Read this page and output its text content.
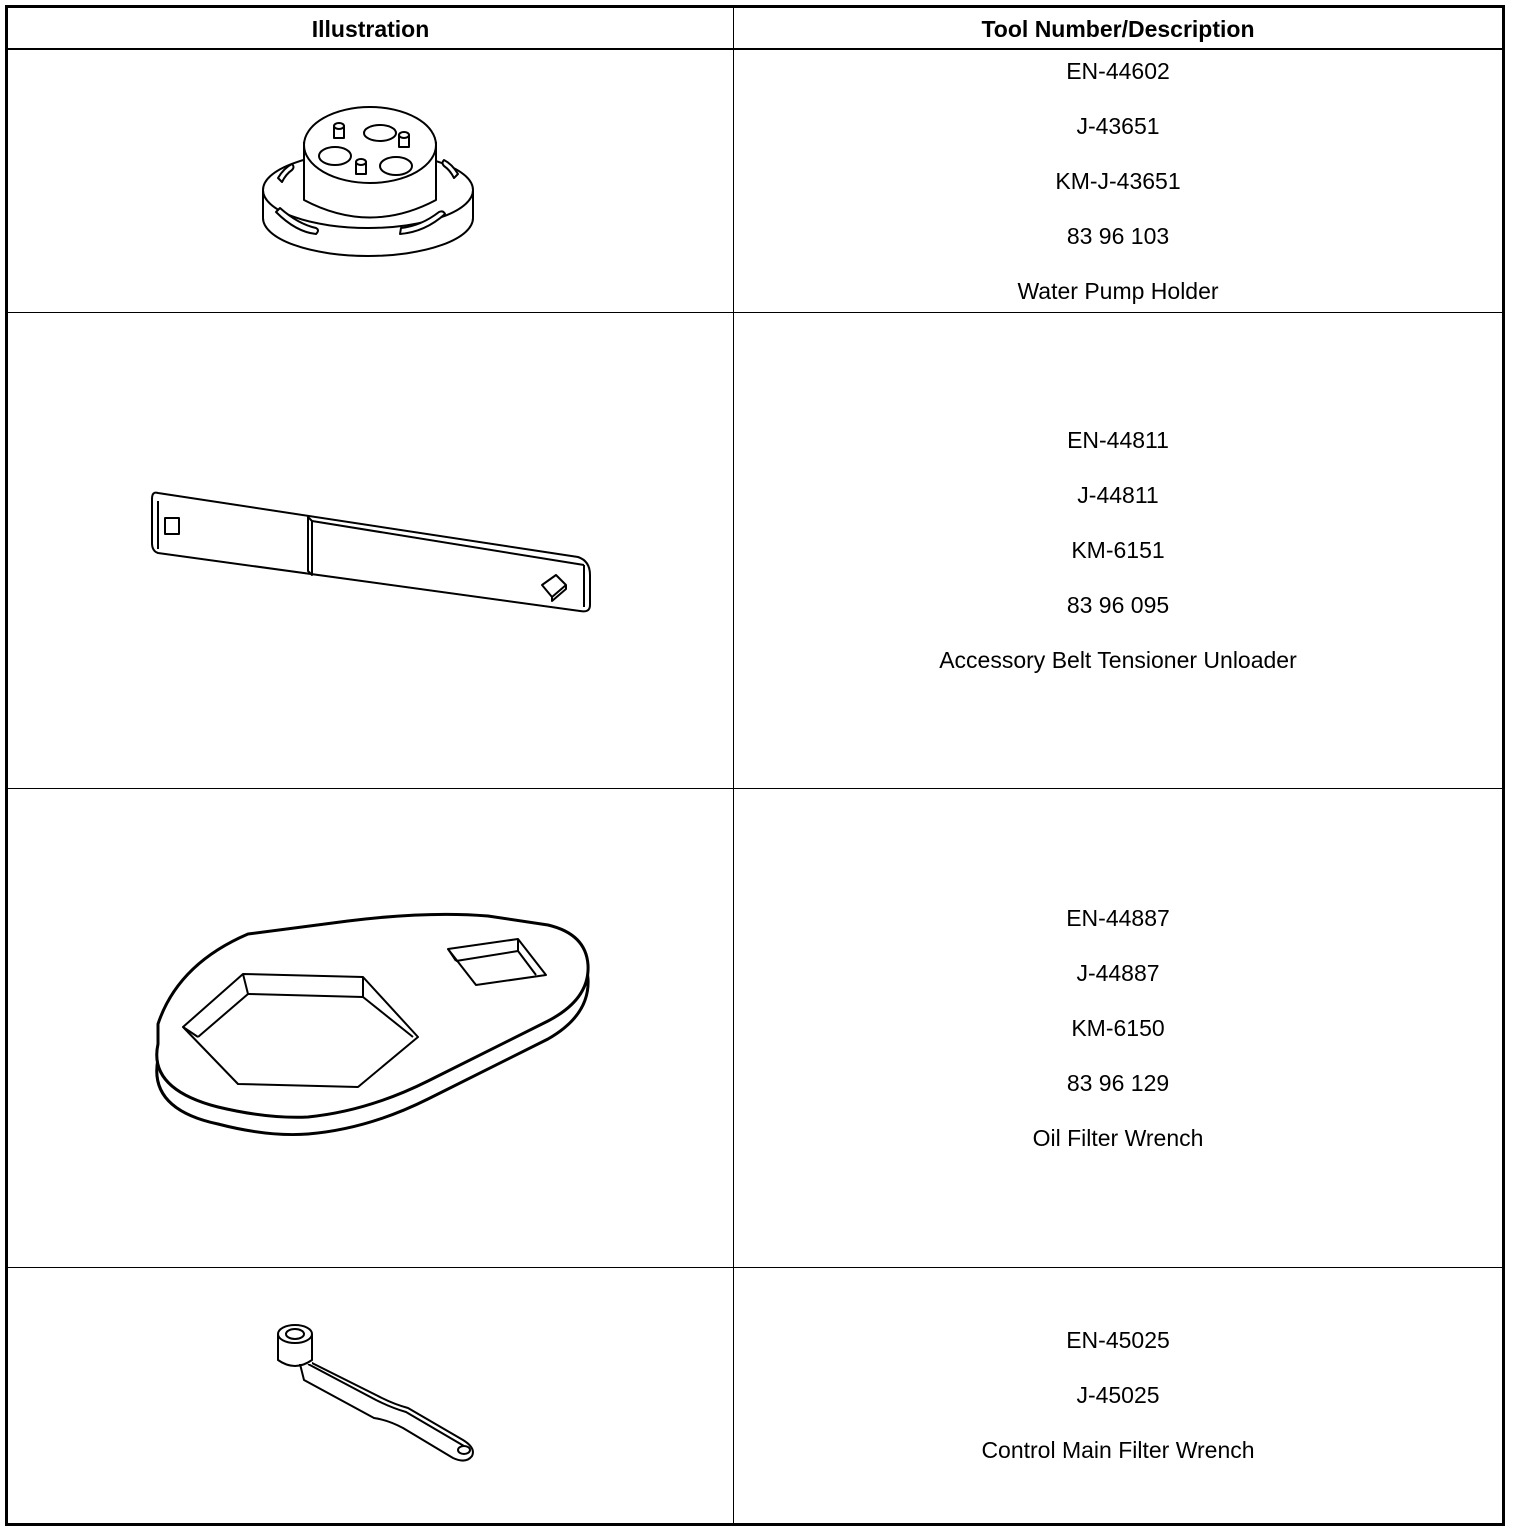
Illustration	Tool Number/Description
EN-44602
J-43651
KM-J-43651
83 96 103
Water Pump Holder
EN-44811
J-44811
KM-6151
83 96 095
Accessory Belt Tensioner Unloader
EN-44887
J-44887
KM-6150
83 96 129
Oil Filter Wrench
EN-45025
J-45025
Control Main Filter Wrench
